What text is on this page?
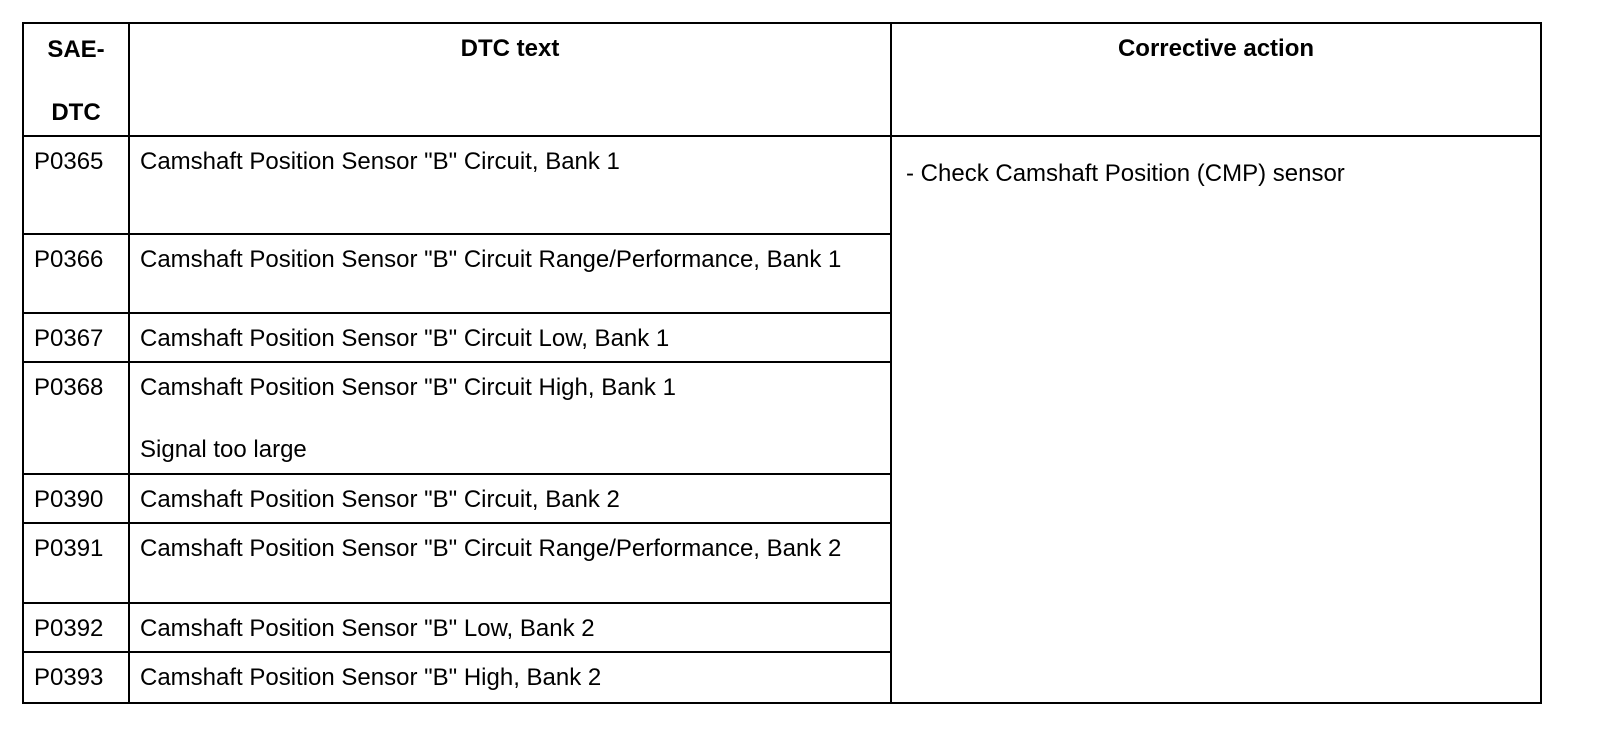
SAE-
DTC	DTC text	Corrective action
P0365	Camshaft Position Sensor "B" Circuit, Bank 1	- Check Camshaft Position (CMP) sensor
P0366	Camshaft Position Sensor "B" Circuit Range/Performance, Bank 1	
P0367	Camshaft Position Sensor "B" Circuit Low, Bank 1	
P0368	Camshaft Position Sensor "B" Circuit High, Bank 1
Signal too large	

P0390	Camshaft Position Sensor "B" Circuit, Bank 2	
P0391	Camshaft Position Sensor "B" Circuit Range/Performance, Bank 2	
P0392	Camshaft Position Sensor "B" Low, Bank 2	
P0393	Camshaft Position Sensor "B" High, Bank 2	
